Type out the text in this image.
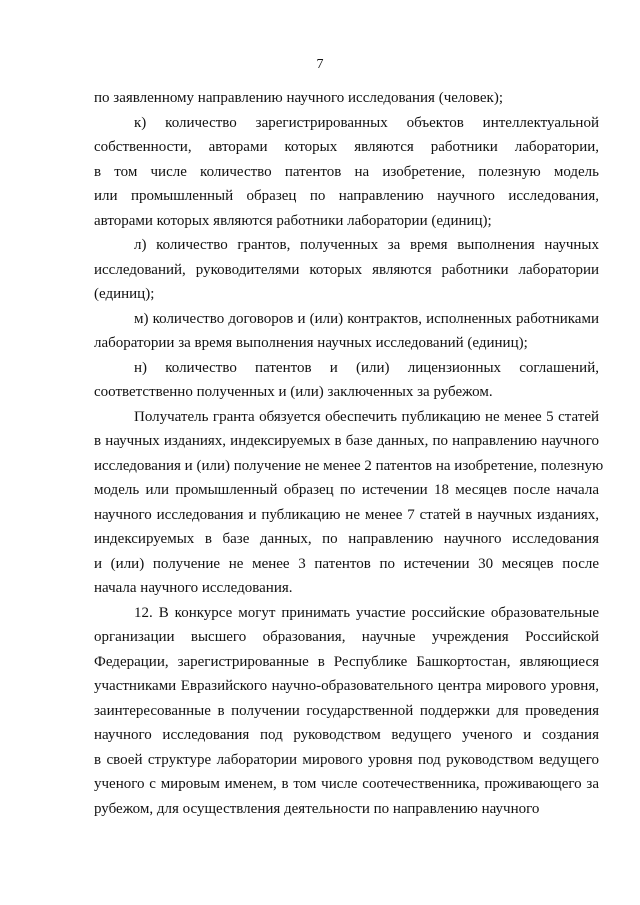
7

по заявленному направлению научного исследования (человек);

к) количество зарегистрированных объектов интеллектуальной
собственности, авторами которых являются работники лаборатории,
в том числе количество патентов на изобретение, полезную модель
или промышленный образец по направлению научного исследования,
авторами которых являются работники лаборатории (единиц);

л) количество грантов, полученных за время выполнения научных
исследований, руководителями которых являются работники лаборатории
(единиц);

м) количество договоров и (или) контрактов, исполненных работниками
лаборатории за время выполнения научных исследований (единиц);

н) количество патентов и (или) лицензионных соглашений,
соответственно полученных и (или) заключенных за рубежом.

Получатель гранта обязуется обеспечить публикацию не менее 5 статей
в научных изданиях, индексируемых в базе данных, по направлению научного
исследования и (или) получение не менее 2 патентов на изобретение, полезную
модель или промышленный образец по истечении 18 месяцев после начала
научного исследования и публикацию не менее 7 статей в научных изданиях,
индексируемых в базе данных, по направлению научного исследования
и (или) получение не менее 3 патентов по истечении 30 месяцев после
начала научного исследования.

12. В конкурсе могут принимать участие российские образовательные
организации высшего образования, научные учреждения Российской
Федерации, зарегистрированные в Республике Башкортостан, являющиеся
участниками Евразийского научно-образовательного центра мирового уровня,
заинтересованные в получении государственной поддержки для проведения
научного исследования под руководством ведущего ученого и создания
в своей структуре лаборатории мирового уровня под руководством ведущего
ученого с мировым именем, в том числе соотечественника, проживающего за
рубежом, для осуществления деятельности по направлению научного
